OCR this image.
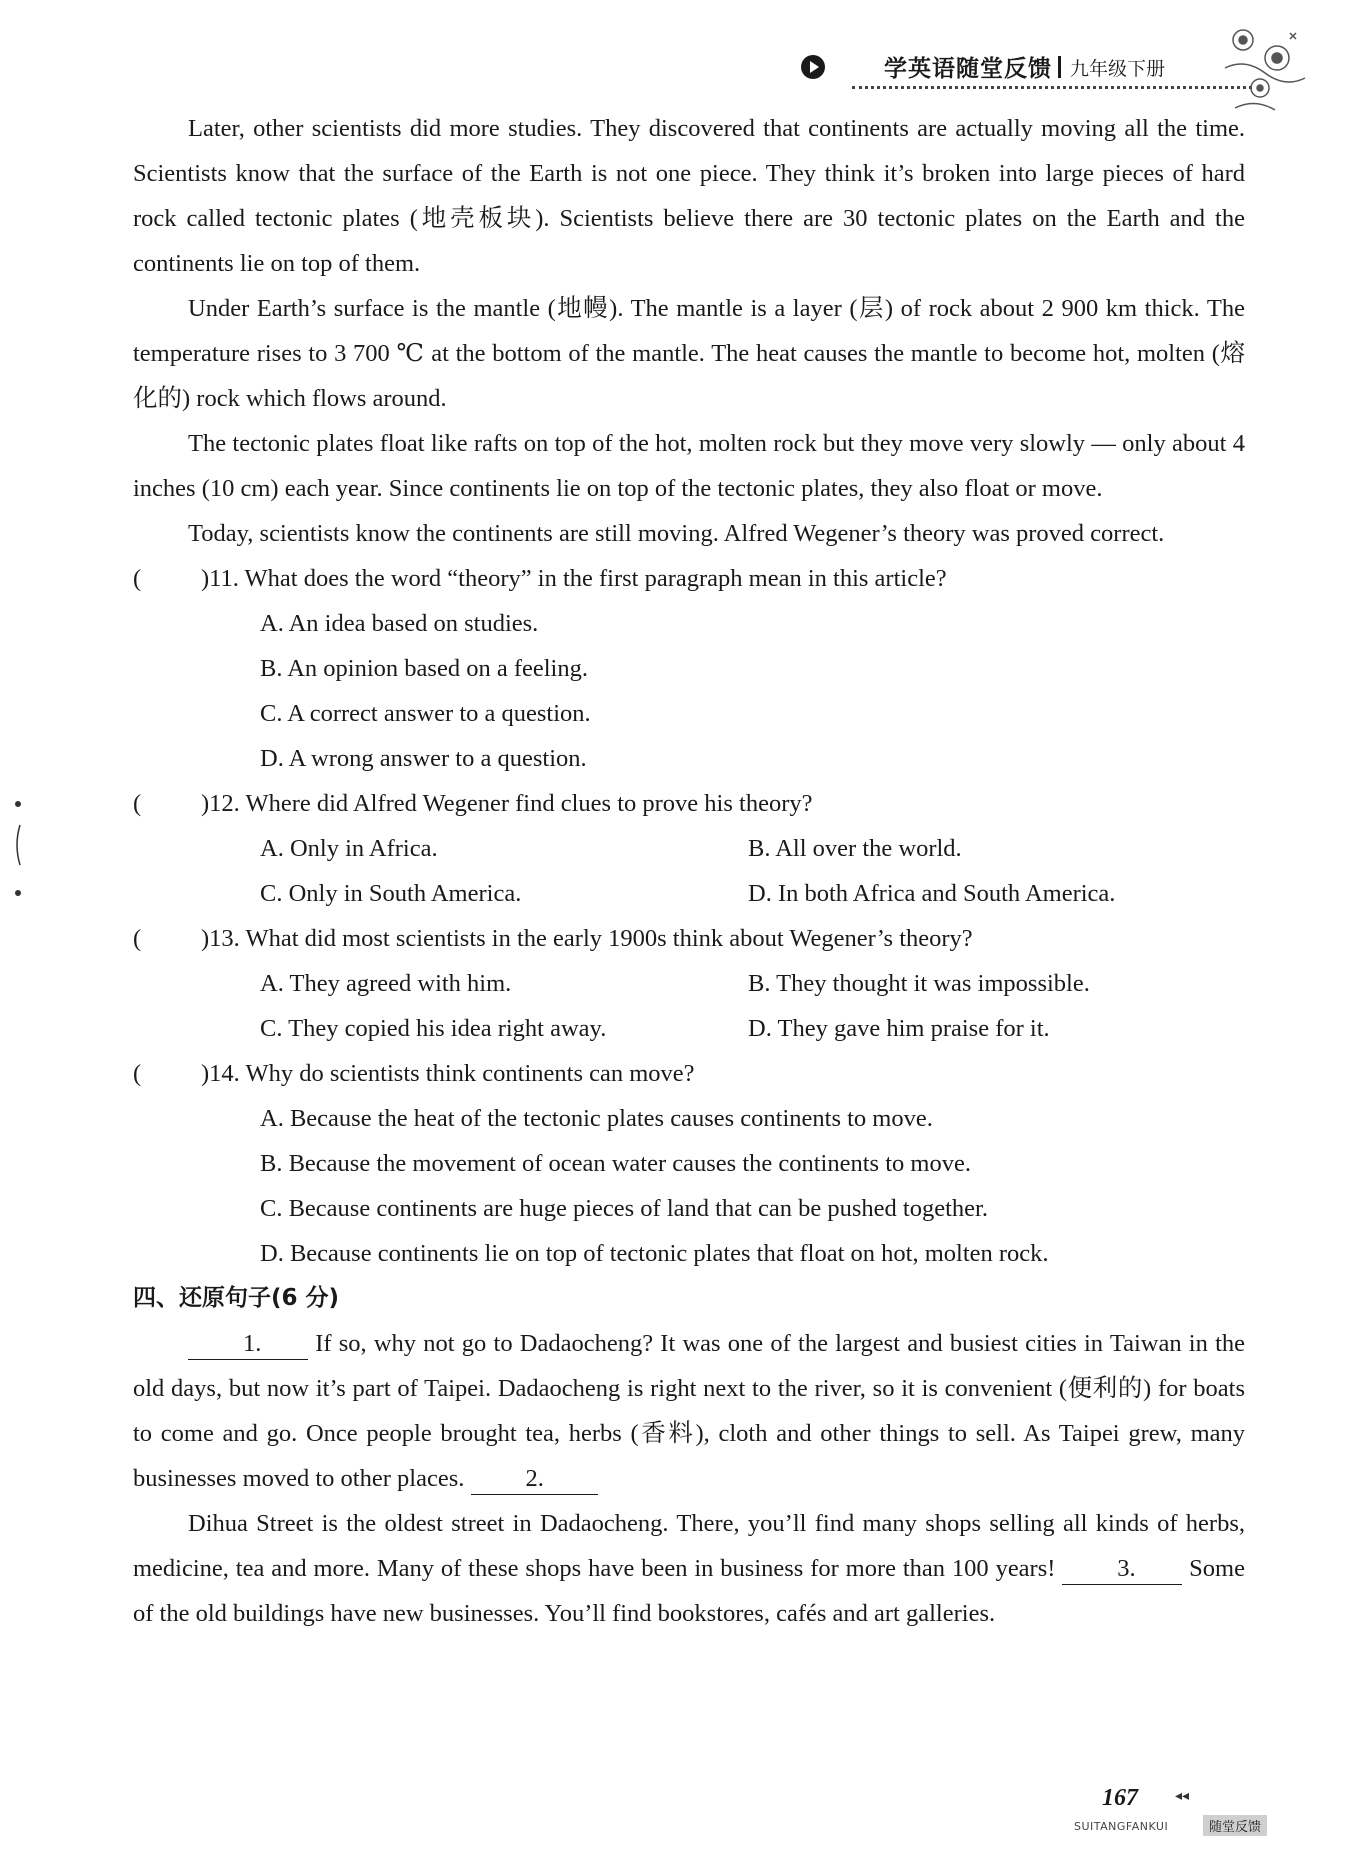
学英语随堂反馈 九年级下册

Later, other scientists did more studies. They discovered that continents are actually moving all the time. Scientists know that the surface of the Earth is not one piece. They think it’s broken into large pieces of hard rock called tectonic plates (地壳板块). Scientists believe there are 30 tectonic plates on the Earth and the continents lie on top of them.

Under Earth’s surface is the mantle (地幔). The mantle is a layer (层) of rock about 2 900 km thick. The temperature rises to 3 700 ℃ at the bottom of the mantle. The heat causes the mantle to become hot, molten (熔化的) rock which flows around.

The tectonic plates float like rafts on top of the hot, molten rock but they move very slowly — only about 4 inches (10 cm) each year. Since continents lie on top of the tectonic plates, they also float or move.

Today, scientists know the continents are still moving. Alfred Wegener’s theory was proved correct.

( )11. What does the word “theory” in the first paragraph mean in this article?
A. An idea based on studies.
B. An opinion based on a feeling.
C. A correct answer to a question.
D. A wrong answer to a question.
( )12. Where did Alfred Wegener find clues to prove his theory?
A. Only in Africa.	B. All over the world.
C. Only in South America.	D. In both Africa and South America.
( )13. What did most scientists in the early 1900s think about Wegener’s theory?
A. They agreed with him.	B. They thought it was impossible.
C. They copied his idea right away.	D. They gave him praise for it.
( )14. Why do scientists think continents can move?
A. Because the heat of the tectonic plates causes continents to move.
B. Because the movement of ocean water causes the continents to move.
C. Because continents are huge pieces of land that can be pushed together.
D. Because continents lie on top of tectonic plates that float on hot, molten rock.
四、还原句子(6 分)

1. If so, why not go to Dadaocheng? It was one of the largest and busiest cities in Taiwan in the old days, but now it’s part of Taipei. Dadaocheng is right next to the river, so it is convenient (便利的) for boats to come and go. Once people brought tea, herbs (香料), cloth and other things to sell. As Taipei grew, many businesses moved to other places. 2.

Dihua Street is the oldest street in Dadaocheng. There, you’ll find many shops selling all kinds of herbs, medicine, tea and more. Many of these shops have been in business for more than 100 years! 3. Some of the old buildings have new businesses. You’ll find bookstores, cafés and art galleries.

167	◂◂
SUITANGFANKUI	随堂反馈
